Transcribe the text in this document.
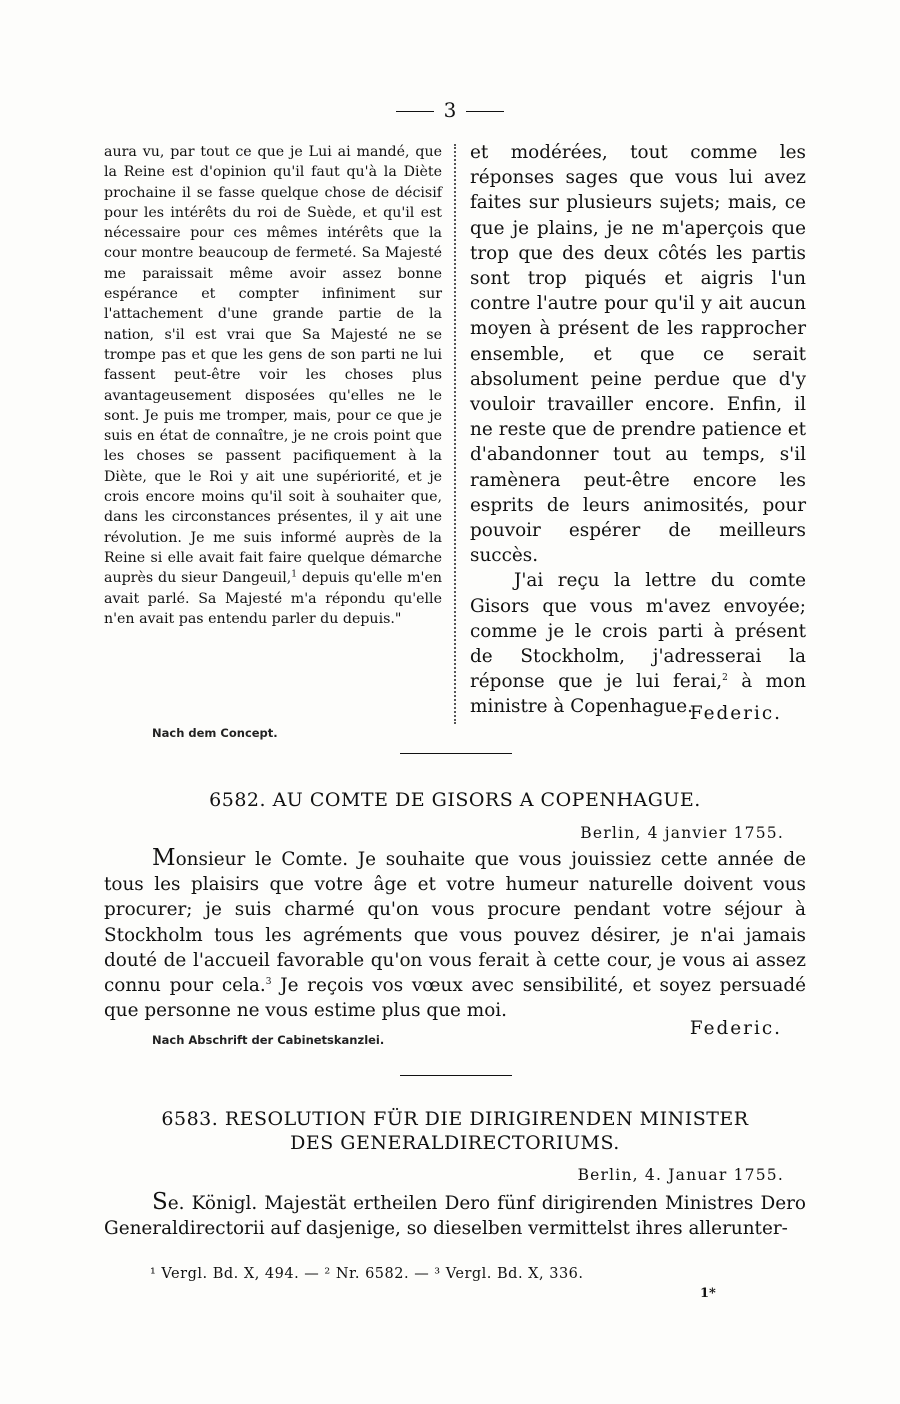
3

aura vu, par tout ce que je Lui ai mandé, que la Reine est d'opinion qu'il faut qu'à la Diète prochaine il se fasse quelque chose de décisif pour les intérêts du roi de Suède, et qu'il est nécessaire pour ces mêmes intérêts que la cour montre beaucoup de fermeté. Sa Majesté me paraissait même avoir assez bonne espérance et compter infiniment sur l'attachement d'une grande partie de la nation, s'il est vrai que Sa Majesté ne se trompe pas et que les gens de son parti ne lui fassent peut-être voir les choses plus avantageusement disposées qu'elles ne le sont. Je puis me tromper, mais, pour ce que je suis en état de connaître, je ne crois point que les choses se passent pacifiquement à la Diète, que le Roi y ait une supériorité, et je crois encore moins qu'il soit à souhaiter que, dans les circonstances présentes, il y ait une révolution. Je me suis informé auprès de la Reine si elle avait fait faire quelque démarche auprès du sieur Dangeuil,$^1$ depuis qu'elle m'en avait parlé. Sa Majesté m'a répondu qu'elle n'en avait pas entendu parler du depuis."

et modérées, tout comme les réponses sages que vous lui avez faites sur plusieurs sujets; mais, ce que je plains, je ne m'aperçois que trop que des deux côtés les partis sont trop piqués et aigris l'un contre l'autre pour qu'il y ait aucun moyen à présent de les rapprocher ensemble, et que ce serait absolument peine perdue que d'y vouloir travailler encore. Enfin, il ne reste que de prendre patience et d'abandonner tout au temps, s'il ramènera peut-être encore les esprits de leurs animosités, pour pouvoir espérer de meilleurs succès.

J'ai reçu la lettre du comte Gisors que vous m'avez envoyée; comme je le crois parti à présent de Stockholm, j'adresserai la réponse que je lui ferai,$^2$ à mon ministre à Copenhague.

Federic.
Nach dem Concept.
6582. AU COMTE DE GISORS A COPENHAGUE.
Berlin, 4 janvier 1755.

Monsieur le Comte. Je souhaite que vous jouissiez cette année de tous les plaisirs que votre âge et votre humeur naturelle doivent vous procurer; je suis charmé qu'on vous procure pendant votre séjour à Stockholm tous les agréments que vous pouvez désirer, je n'ai jamais douté de l'accueil favorable qu'on vous ferait à cette cour, je vous ai assez connu pour cela.$^3$ Je reçois vos vœux avec sensibilité, et soyez persuadé que personne ne vous estime plus que moi.

Federic.
Nach Abschrift der Cabinetskanzlei.
6583. RESOLUTION FÜR DIE DIRIGIRENDEN MINISTER
DES GENERALDIRECTORIUMS.
Berlin, 4. Januar 1755.

Se. Königl. Majestät ertheilen Dero fünf dirigirenden Ministres Dero Generaldirectorii auf dasjenige, so dieselben vermittelst ihres allerunter-

¹ Vergl. Bd. X, 494. — ² Nr. 6582. — ³ Vergl. Bd. X, 336.
1*
